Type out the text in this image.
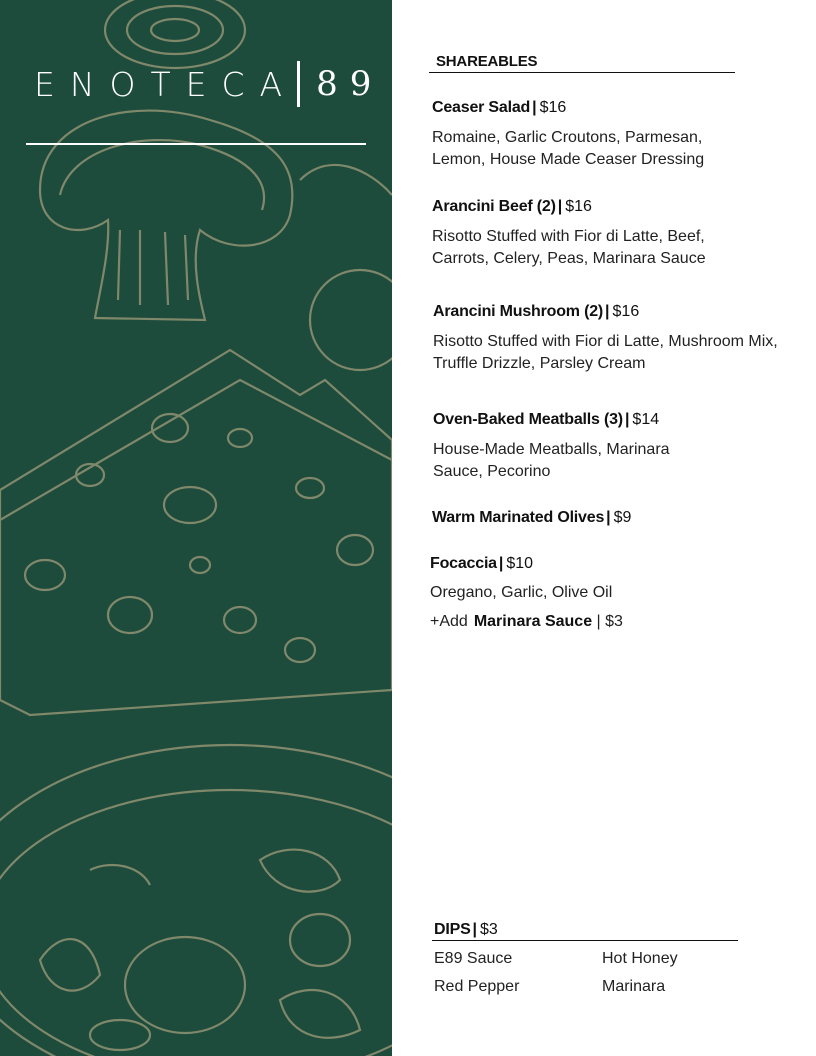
ENOTECA 89
SHAREABLES
Ceaser Salad | $16
Romaine, Garlic Croutons, Parmesan, Lemon, House Made Ceaser Dressing
Arancini Beef (2) | $16
Risotto Stuffed with Fior di Latte, Beef, Carrots, Celery, Peas, Marinara Sauce
Arancini Mushroom (2) | $16
Risotto Stuffed with Fior di Latte, Mushroom Mix, Truffle Drizzle, Parsley Cream
Oven-Baked Meatballs (3) | $14
House-Made Meatballs, Marinara Sauce, Pecorino
Warm Marinated Olives | $9
Focaccia | $10
Oregano, Garlic, Olive Oil
+Add Marinara Sauce | $3
DIPS | $3
E89 Sauce	Hot Honey
Red Pepper	Marinara
